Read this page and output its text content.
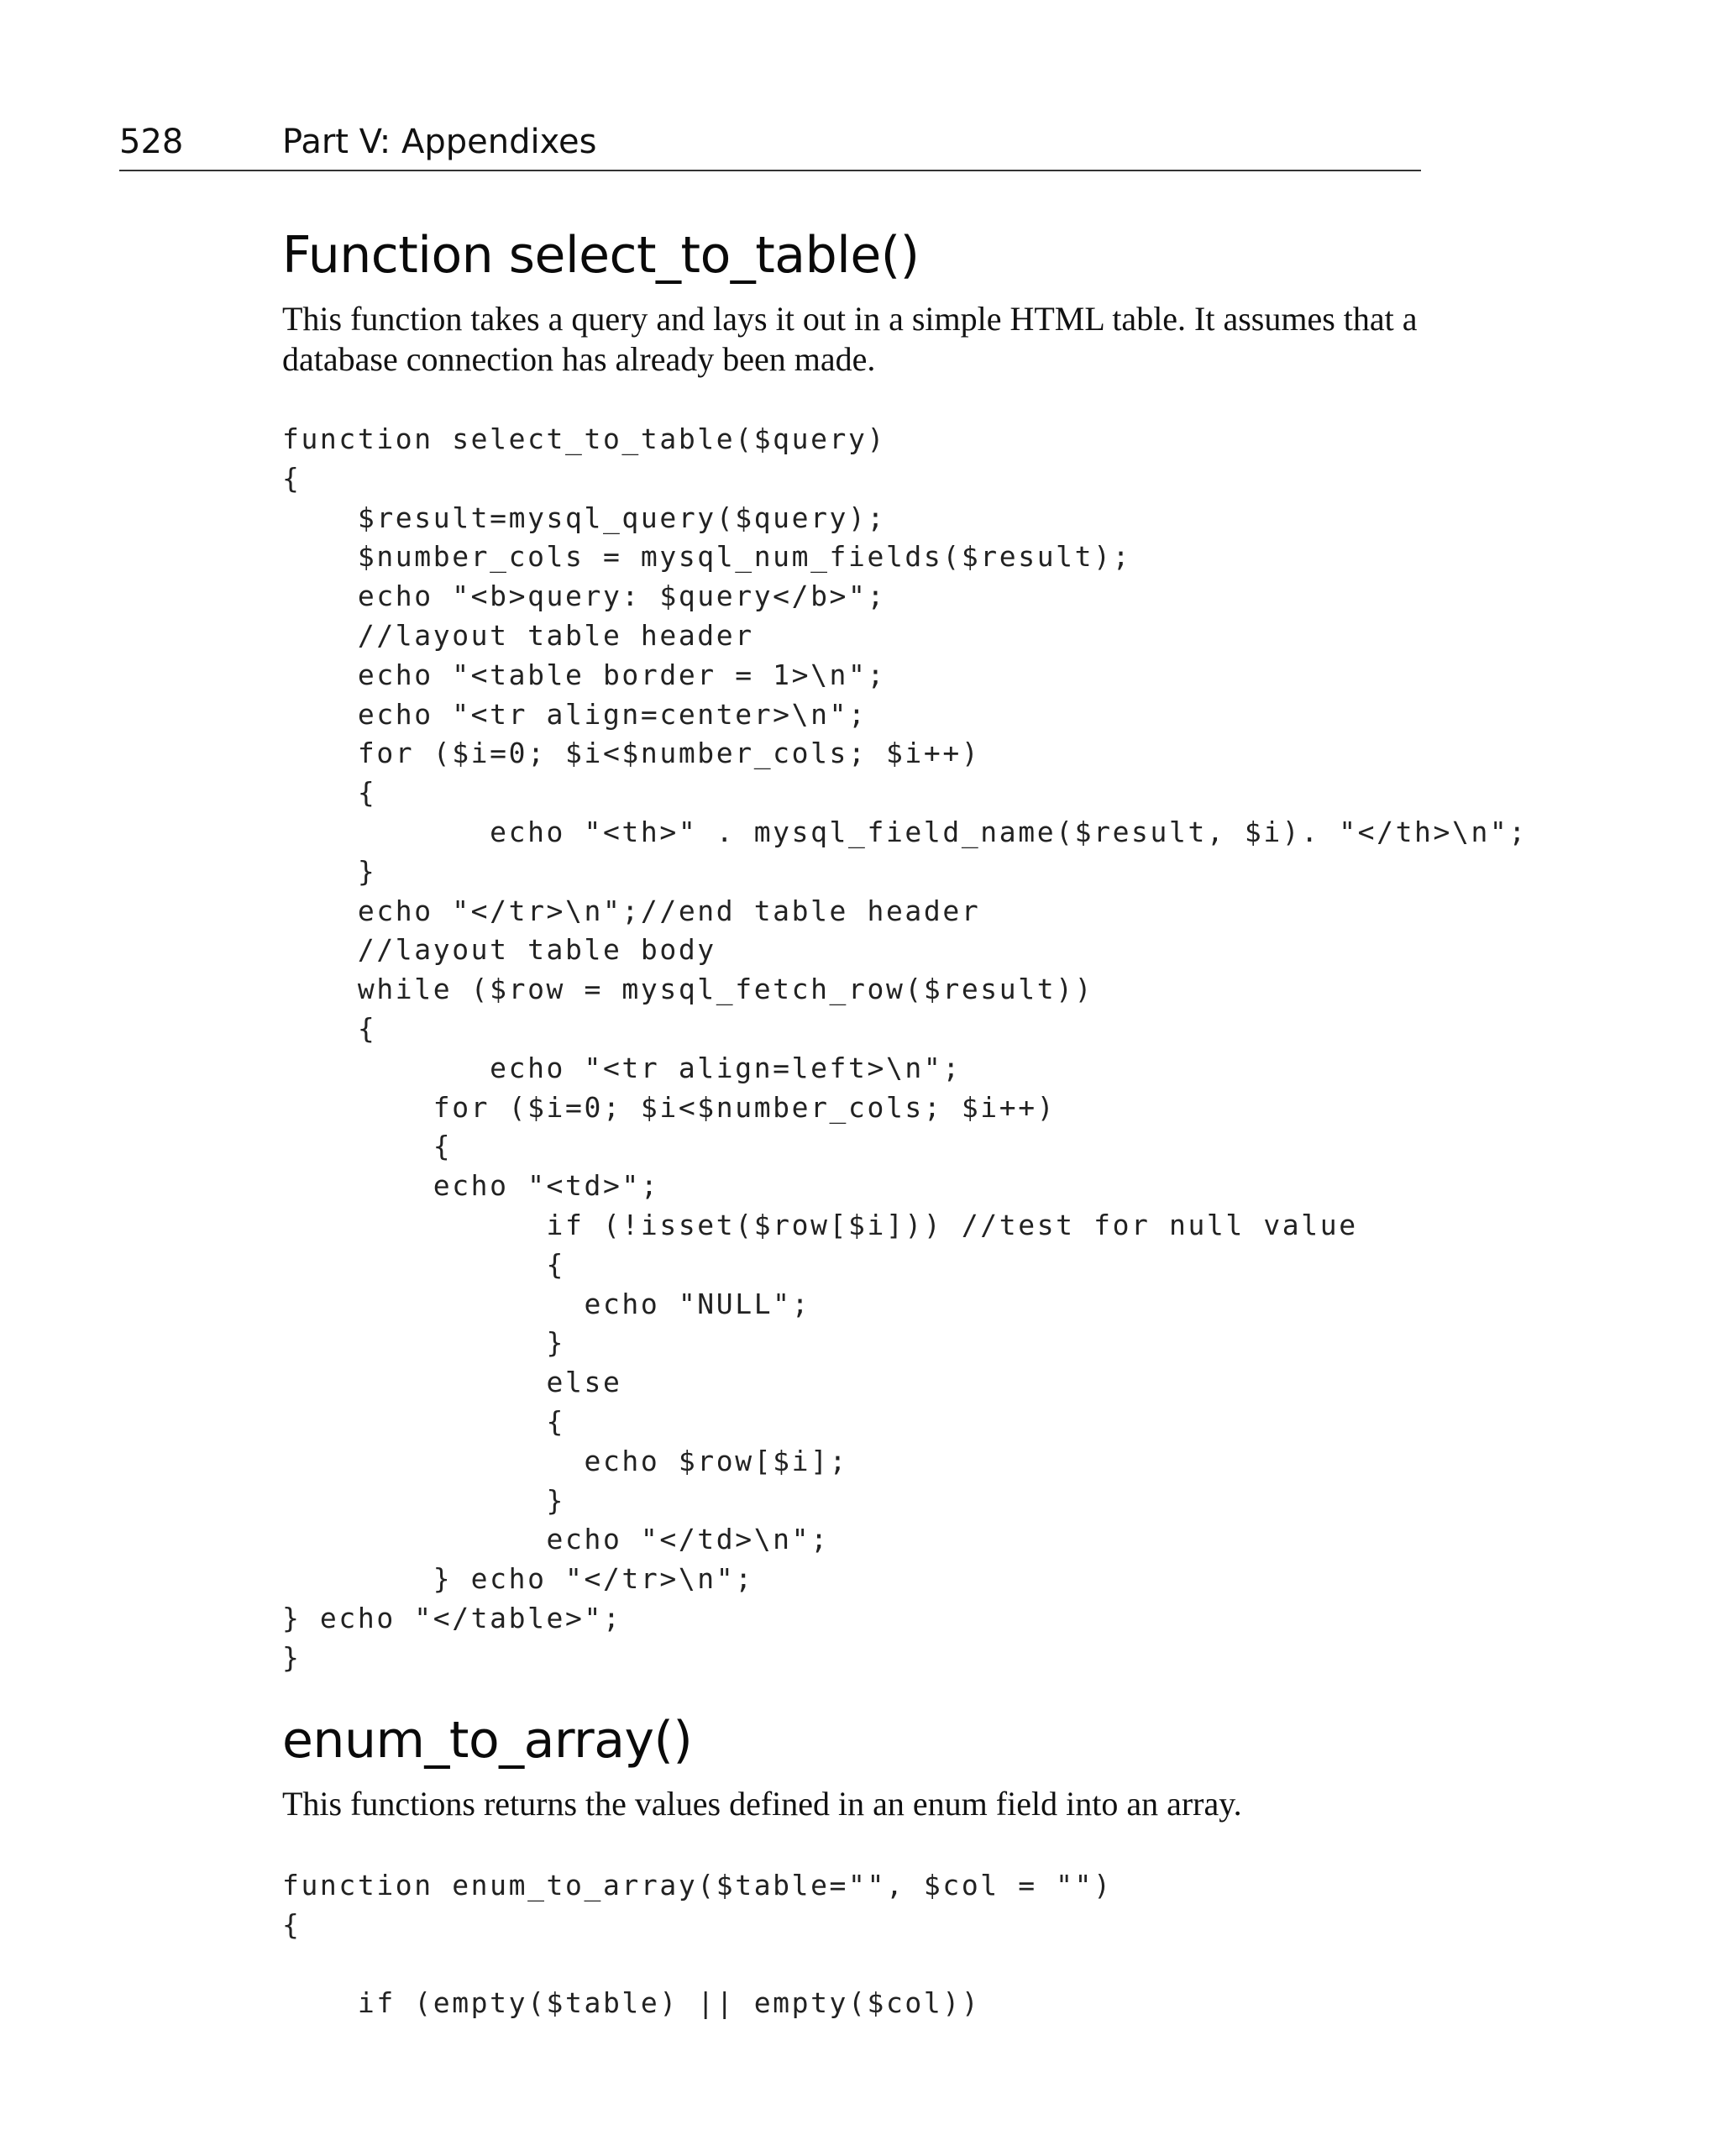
528	Part V: Appendixes
Function select_to_table()

This function takes a query and lays it out in a simple HTML table. It assumes that a database connection has already been made.

function select_to_table($query)
{
$result=mysql_query($query);
$number_cols = mysql_num_fields($result);
echo "<b>query: $query</b>";
//layout table header
echo "<table border = 1>\n";
echo "<tr align=center>\n";
for ($i=0; $i<$number_cols; $i++)
{
echo "<th>" . mysql_field_name($result, $i). "</th>\n";
}
echo "</tr>\n";//end table header
//layout table body
while ($row = mysql_fetch_row($result))
{
echo "<tr align=left>\n";
for ($i=0; $i<$number_cols; $i++)
{
echo "<td>";
if (!isset($row[$i])) //test for null value
{
echo "NULL";
}
else
{
echo $row[$i];
}
echo "</td>\n";
} echo "</tr>\n";
} echo "</table>";
}
enum_to_array()

This functions returns the values defined in an enum field into an array.

function enum_to_array($table="", $col = "")
{
if (empty($table) || empty($col))
